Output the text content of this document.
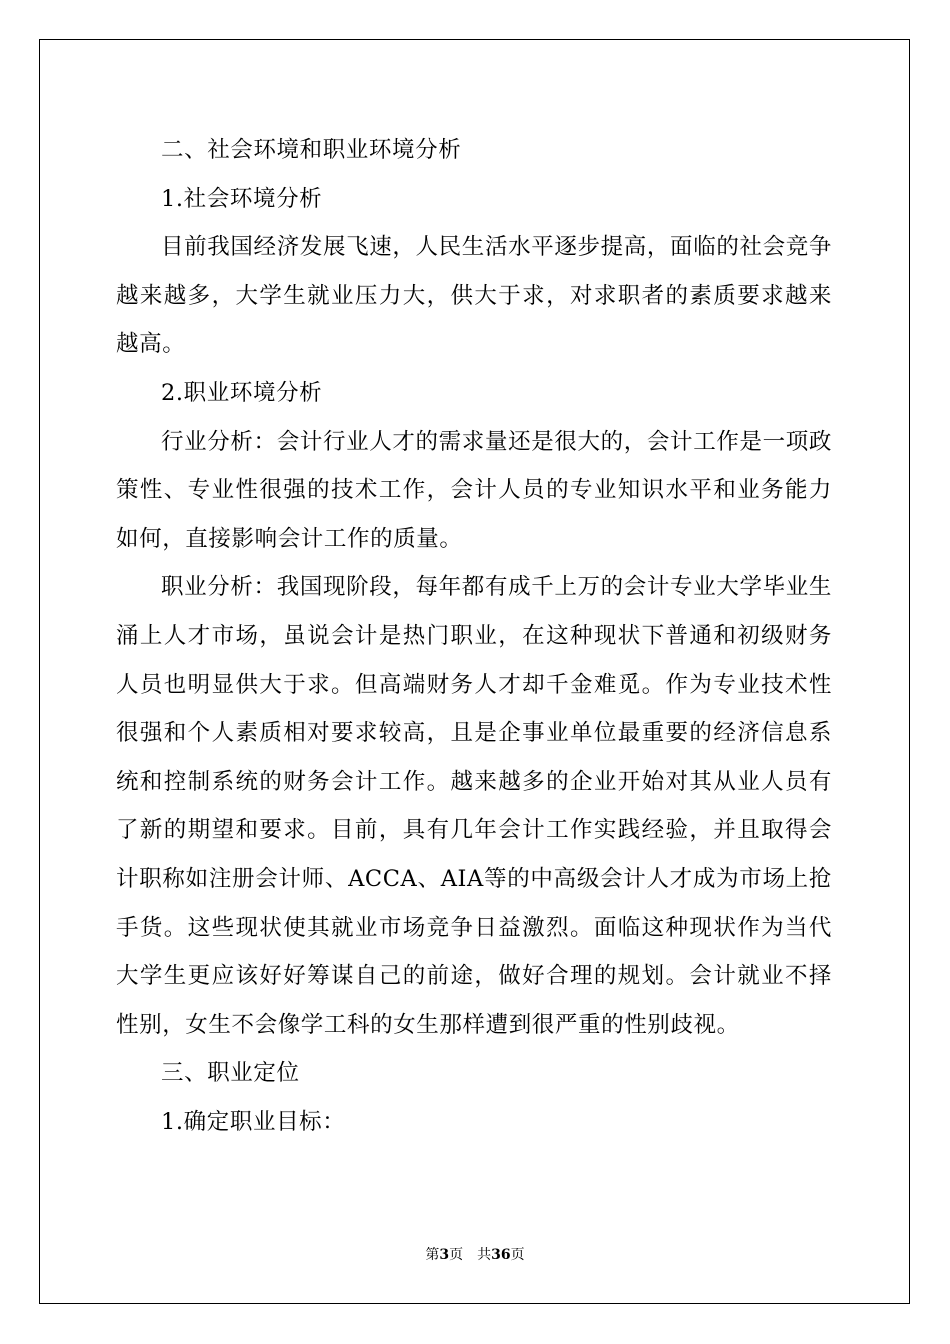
二、社会环境和职业环境分析

1.社会环境分析

目前我国经济发展飞速，人民生活水平逐步提高，面临的社会竞争越来越多，大学生就业压力大，供大于求，对求职者的素质要求越来越高。

2.职业环境分析

行业分析：会计行业人才的需求量还是很大的，会计工作是一项政策性、专业性很强的技术工作，会计人员的专业知识水平和业务能力如何，直接影响会计工作的质量。

职业分析：我国现阶段，每年都有成千上万的会计专业大学毕业生涌上人才市场，虽说会计是热门职业，在这种现状下普通和初级财务人员也明显供大于求。但高端财务人才却千金难觅。作为专业技术性很强和个人素质相对要求较高，且是企事业单位最重要的经济信息系统和控制系统的财务会计工作。越来越多的企业开始对其从业人员有了新的期望和要求。目前，具有几年会计工作实践经验，并且取得会计职称如注册会计师、ACCA、AIA等的中高级会计人才成为市场上抢手货。这些现状使其就业市场竞争日益激烈。面临这种现状作为当代大学生更应该好好筹谋自己的前途，做好合理的规划。会计就业不择性别，女生不会像学工科的女生那样遭到很严重的性别歧视。

三、职业定位

1.确定职业目标：

第3页 共36页
